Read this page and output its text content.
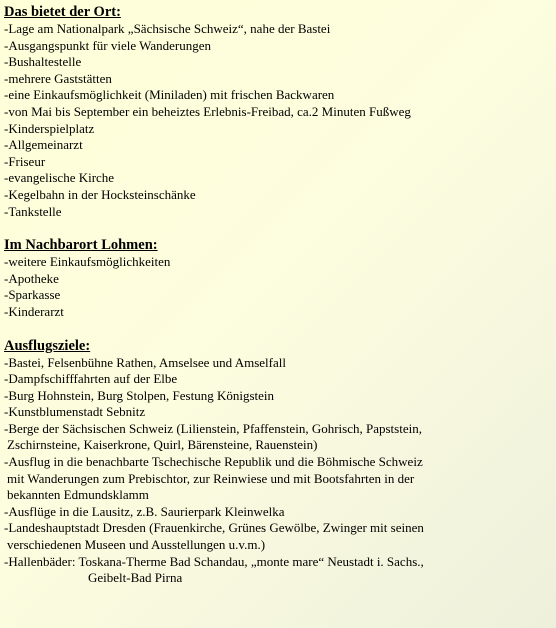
Das bietet der Ort:
-Lage am Nationalpark „Sächsische Schweiz“, nahe der Bastei
-Ausgangspunkt für viele Wanderungen
-Bushaltestelle
-mehrere Gaststätten
-eine Einkaufsmöglichkeit (Miniladen) mit frischen Backwaren
-von Mai bis September ein beheiztes Erlebnis-Freibad, ca.2 Minuten Fußweg
-Kinderspielplatz
-Allgemeinarzt
-Friseur
-evangelische Kirche
-Kegelbahn in der Hocksteinschänke
-Tankstelle
Im Nachbarort Lohmen:
-weitere Einkaufsmöglichkeiten
-Apotheke
-Sparkasse
-Kinderarzt
Ausflugsziele:
-Bastei, Felsenbühne Rathen, Amselsee und Amselfall
-Dampfschifffahrten auf der Elbe
-Burg Hohnstein, Burg Stolpen, Festung Königstein
-Kunstblumenstadt Sebnitz
-Berge der Sächsischen Schweiz (Lilienstein, Pfaffenstein, Gohrisch, Papststein,
Zschirnsteine, Kaiserkrone, Quirl, Bärensteine, Rauenstein)
-Ausflug in die benachbarte Tschechische Republik und die Böhmische Schweiz
mit Wanderungen zum Prebischtor, zur Reinwiese und mit Bootsfahrten in der
bekannten Edmundsklamm
-Ausflüge in die Lausitz, z.B. Saurierpark Kleinwelka
-Landeshauptstadt Dresden (Frauenkirche, Grünes Gewölbe, Zwinger mit seinen
verschiedenen Museen und Ausstellungen u.v.m.)
-Hallenbäder: Toskana-Therme Bad Schandau, „monte mare“ Neustadt i. Sachs.,
Geibelt-Bad Pirna
